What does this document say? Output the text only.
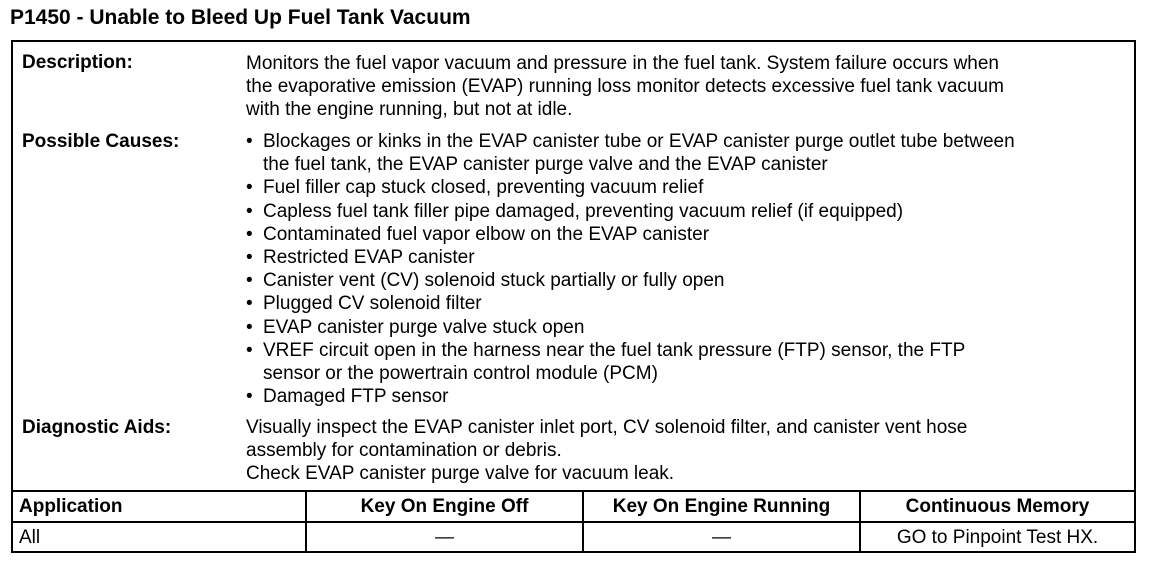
P1450 - Unable to Bleed Up Fuel Tank Vacuum
Description:	Monitors the fuel vapor vacuum and pressure in the fuel tank. System failure occurs when
the evaporative emission (EVAP) running loss monitor detects excessive fuel tank vacuum
with the engine running, but not at idle.
Possible Causes:	• Blockages or kinks in the EVAP canister tube or EVAP canister purge outlet tube between
the fuel tank, the EVAP canister purge valve and the EVAP canister
• Fuel filler cap stuck closed, preventing vacuum relief
• Capless fuel tank filler pipe damaged, preventing vacuum relief (if equipped)
• Contaminated fuel vapor elbow on the EVAP canister
• Restricted EVAP canister
• Canister vent (CV) solenoid stuck partially or fully open
• Plugged CV solenoid filter
• EVAP canister purge valve stuck open
• VREF circuit open in the harness near the fuel tank pressure (FTP) sensor, the FTP
sensor or the powertrain control module (PCM)
• Damaged FTP sensor
Diagnostic Aids:	Visually inspect the EVAP canister inlet port, CV solenoid filter, and canister vent hose
assembly for contamination or debris.
Check EVAP canister purge valve for vacuum leak.
Application	Key On Engine Off	Key On Engine Running	Continuous Memory
All	—	—	GO to Pinpoint Test HX.
